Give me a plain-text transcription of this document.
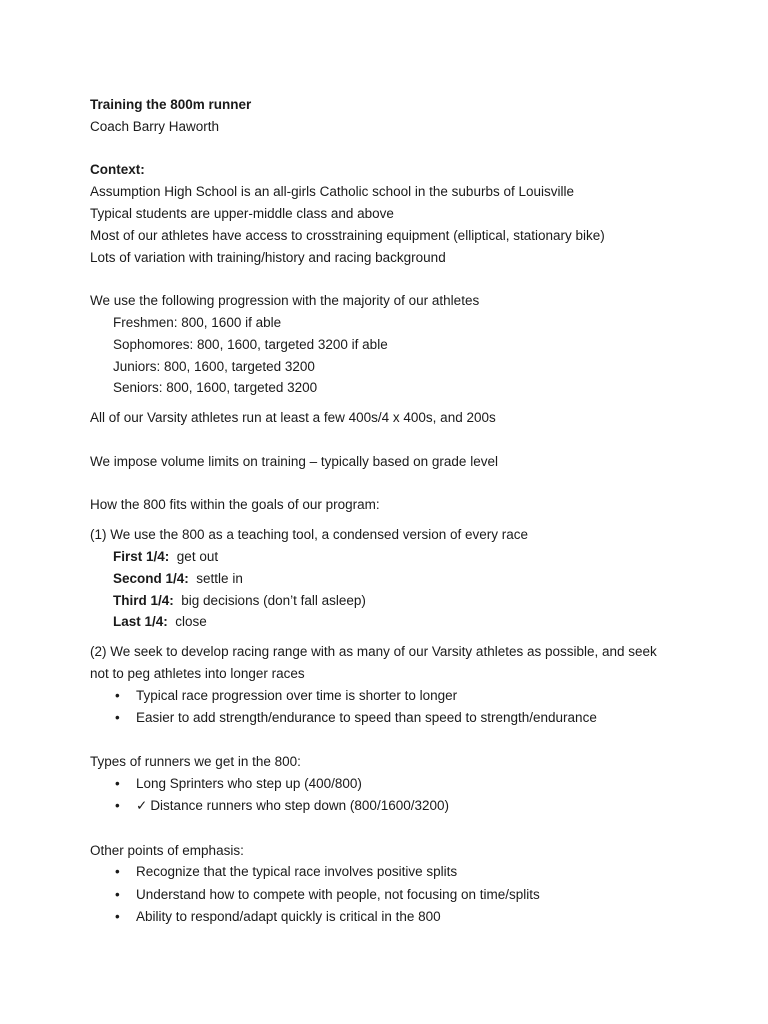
Training the 800m runner
Coach Barry Haworth
Context:
Assumption High School is an all-girls Catholic school in the suburbs of Louisville
Typical students are upper-middle class and above
Most of our athletes have access to crosstraining equipment (elliptical, stationary bike)
Lots of variation with training/history and racing background
We use the following progression with the majority of our athletes
Freshmen: 800, 1600 if able
Sophomores: 800, 1600, targeted 3200 if able
Juniors: 800, 1600, targeted 3200
Seniors: 800, 1600, targeted 3200
All of our Varsity athletes run at least a few 400s/4 x 400s, and 200s
We impose volume limits on training – typically based on grade level
How the 800 fits within the goals of our program:
(1) We use the 800 as a teaching tool, a condensed version of every race
First 1/4: get out
Second 1/4: settle in
Third 1/4: big decisions (don’t fall asleep)
Last 1/4: close
(2) We seek to develop racing range with as many of our Varsity athletes as possible, and seek
not to peg athletes into longer races
• Typical race progression over time is shorter to longer
• Easier to add strength/endurance to speed than speed to strength/endurance
Types of runners we get in the 800:
• Long Sprinters who step up (400/800)
• ✓ Distance runners who step down (800/1600/3200)
Other points of emphasis:
• Recognize that the typical race involves positive splits
• Understand how to compete with people, not focusing on time/splits
• Ability to respond/adapt quickly is critical in the 800
